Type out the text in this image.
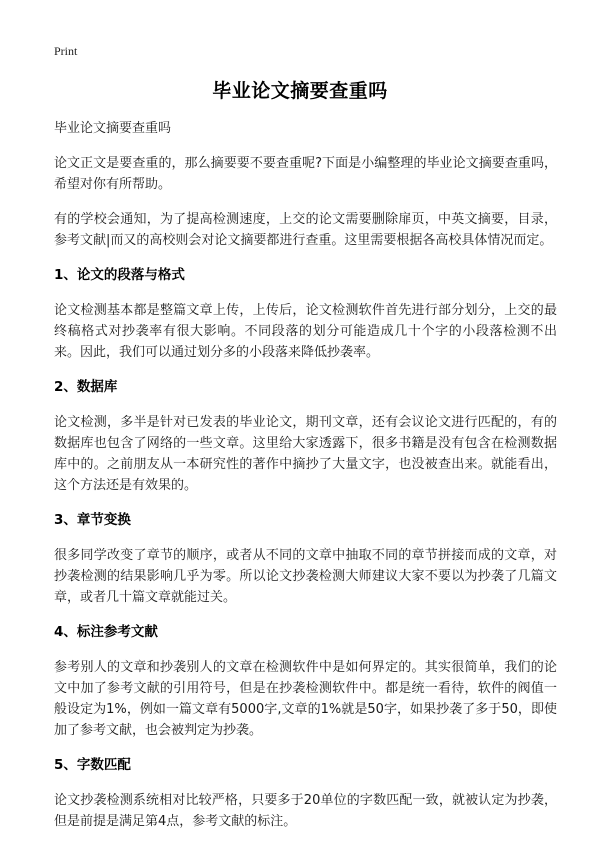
Print
毕业论文摘要查重吗

毕业论文摘要查重吗

论文正文是要查重的，那么摘要要不要查重呢?下面是小编整理的毕业论文摘要查重吗，希望对你有所帮助。

有的学校会通知，为了提高检测速度，上交的论文需要删除扉页，中英文摘要，目录，参考文献|而又的高校则会对论文摘要都进行查重。这里需要根据各高校具体情况而定。

1、论文的段落与格式

论文检测基本都是整篇文章上传，上传后，论文检测软件首先进行部分划分，上交的最终稿格式对抄袭率有很大影响。不同段落的划分可能造成几十个字的小段落检测不出来。因此，我们可以通过划分多的小段落来降低抄袭率。

2、数据库

论文检测，多半是针对已发表的毕业论文，期刊文章，还有会议论文进行匹配的，有的数据库也包含了网络的一些文章。这里给大家透露下，很多书籍是没有包含在检测数据库中的。之前朋友从一本研究性的著作中摘抄了大量文字，也没被查出来。就能看出，这个方法还是有效果的。

3、章节变换

很多同学改变了章节的顺序，或者从不同的文章中抽取不同的章节拼接而成的文章，对抄袭检测的结果影响几乎为零。所以论文抄袭检测大师建议大家不要以为抄袭了几篇文章，或者几十篇文章就能过关。

4、标注参考文献

参考别人的文章和抄袭别人的文章在检测软件中是如何界定的。其实很简单，我们的论文中加了参考文献的引用符号，但是在抄袭检测软件中。都是统一看待，软件的阀值一般设定为1%，例如一篇文章有5000字,文章的1%就是50字，如果抄袭了多于50，即使加了参考文献，也会被判定为抄袭。

5、字数匹配

论文抄袭检测系统相对比较严格，只要多于20单位的字数匹配一致，就被认定为抄袭，但是前提是满足第4点，参考文献的标注。
